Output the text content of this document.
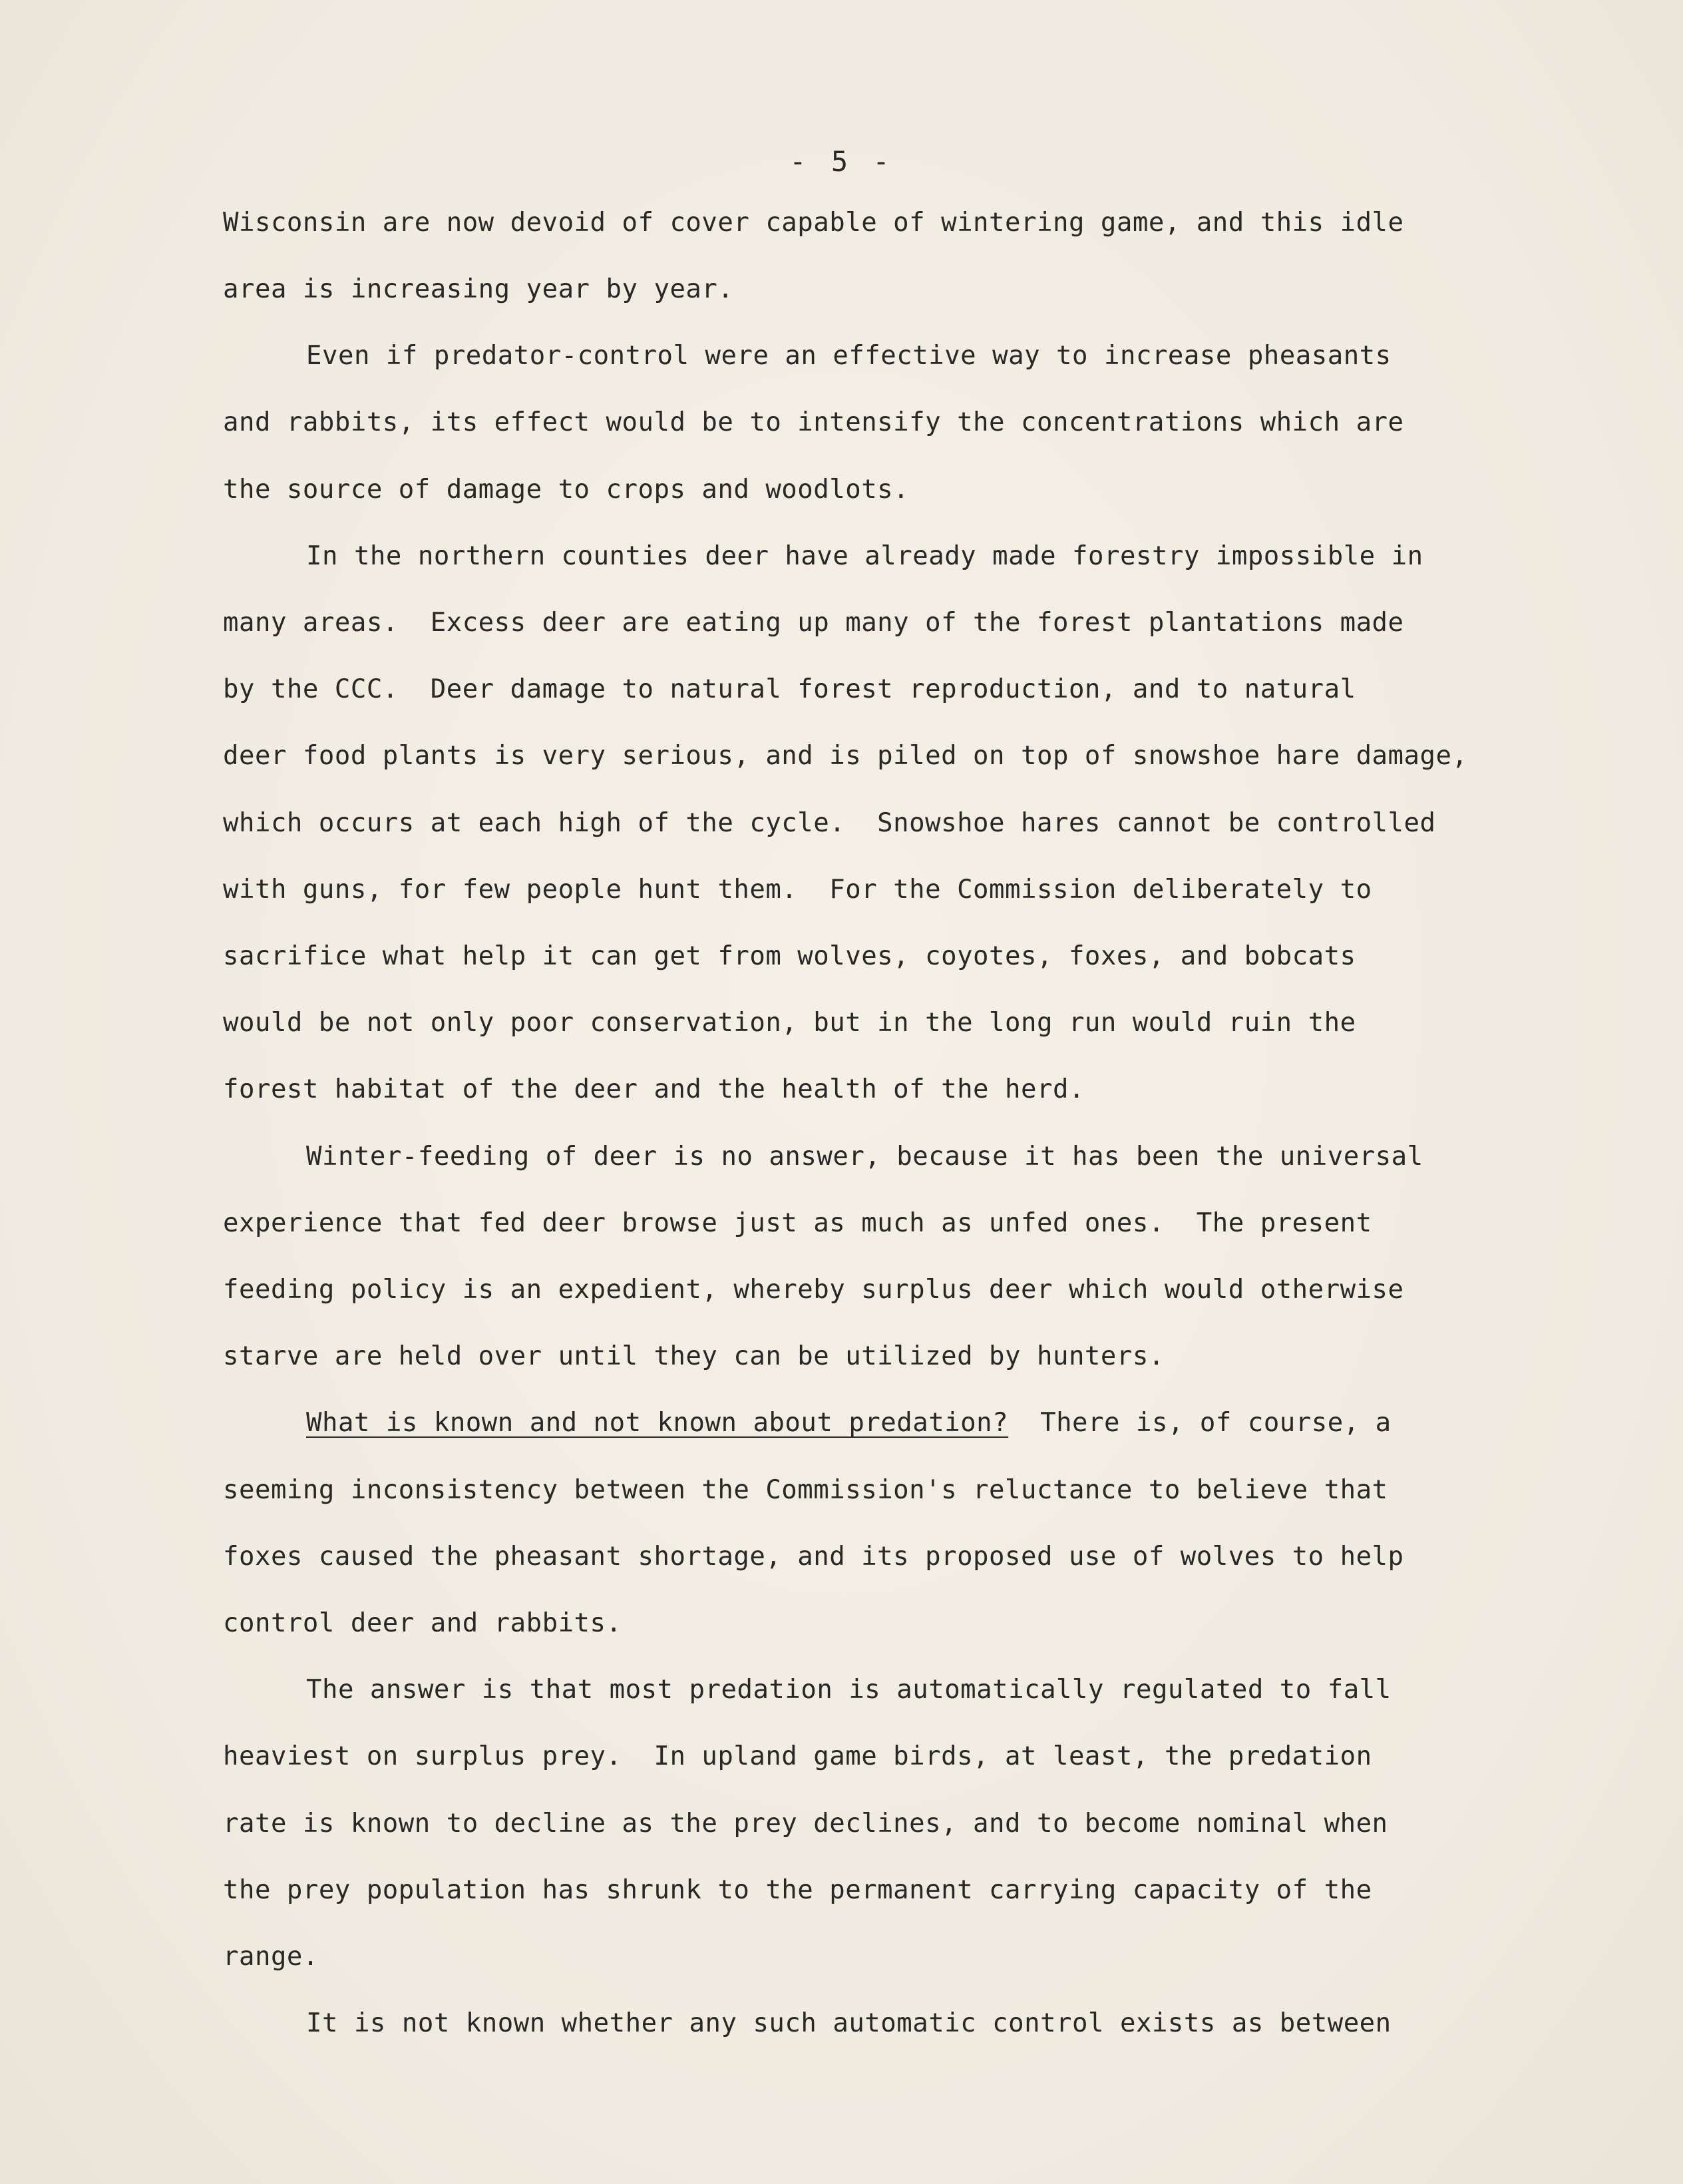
- 5 -
Wisconsin are now devoid of cover capable of wintering game, and this idle
area is increasing year by year.
Even if predator-control were an effective way to increase pheasants
and rabbits, its effect would be to intensify the concentrations which are
the source of damage to crops and woodlots.
In the northern counties deer have already made forestry impossible in
many areas.  Excess deer are eating up many of the forest plantations made
by the CCC.  Deer damage to natural forest reproduction, and to natural
deer food plants is very serious, and is piled on top of snowshoe hare damage,
which occurs at each high of the cycle.  Snowshoe hares cannot be controlled
with guns, for few people hunt them.  For the Commission deliberately to
sacrifice what help it can get from wolves, coyotes, foxes, and bobcats
would be not only poor conservation, but in the long run would ruin the
forest habitat of the deer and the health of the herd.
Winter-feeding of deer is no answer, because it has been the universal
experience that fed deer browse just as much as unfed ones.  The present
feeding policy is an expedient, whereby surplus deer which would otherwise
starve are held over until they can be utilized by hunters.
What is known and not known about predation? There is, of course, a
seeming inconsistency between the Commission's reluctance to believe that
foxes caused the pheasant shortage, and its proposed use of wolves to help
control deer and rabbits.
The answer is that most predation is automatically regulated to fall
heaviest on surplus prey.  In upland game birds, at least, the predation
rate is known to decline as the prey declines, and to become nominal when
the prey population has shrunk to the permanent carrying capacity of the
range.
It is not known whether any such automatic control exists as between
